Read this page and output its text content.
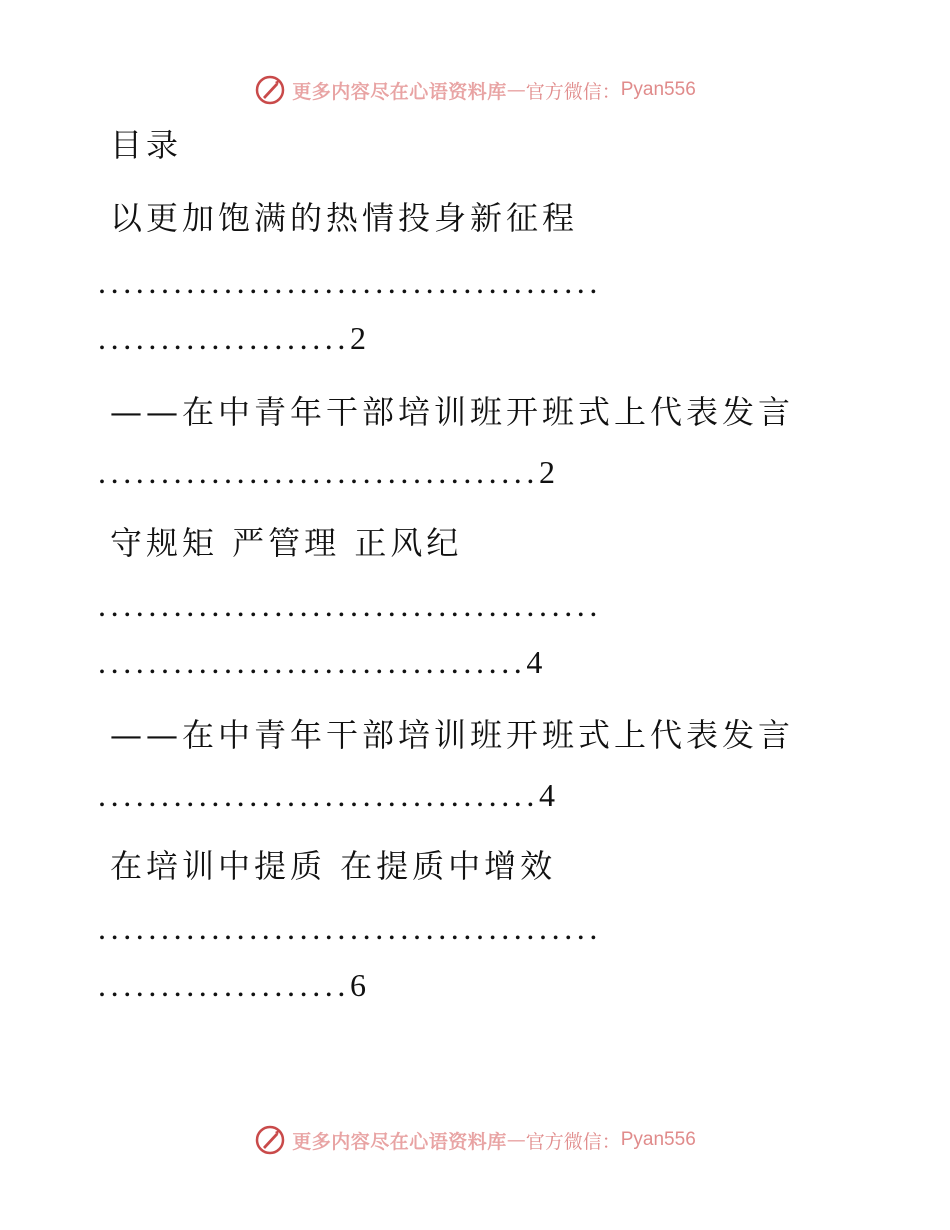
更多内容尽在心语资料库 — 官方微信： Pyan556
目录
以更加饱满的热情投身新征程
........................................
....................2
——在中青年干部培训班开班式上代表发言
...................................2
守规矩 严管理 正风纪
........................................
..................................4
——在中青年干部培训班开班式上代表发言
...................................4
在培训中提质 在提质中增效
........................................
....................6
更多内容尽在心语资料库 — 官方微信： Pyan556
